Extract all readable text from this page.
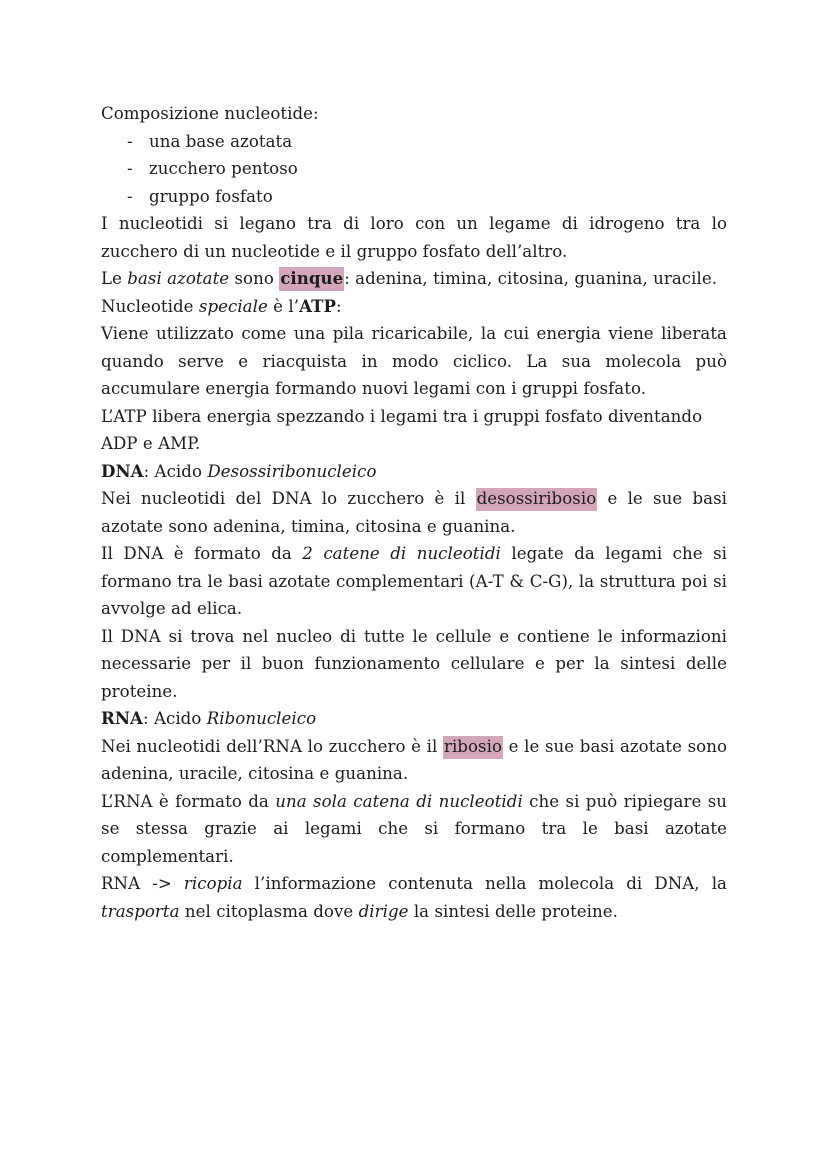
Composizione nucleotide:

- una base azotata
- zucchero pentoso
- gruppo fosfato

I nucleotidi si legano tra di loro con un legame di idrogeno tra lo zucchero di un nucleotide e il gruppo fosfato dell’altro.

Le basi azotate sono cinque: adenina, timina, citosina, guanina, uracile.

Nucleotide speciale è l’ATP:

Viene utilizzato come una pila ricaricabile, la cui energia viene liberata quando serve e riacquista in modo ciclico. La sua molecola può accumulare energia formando nuovi legami con i gruppi fosfato.

L’ATP libera energia spezzando i legami tra i gruppi fosfato diventando

ADP e AMP.

DNA: Acido Desossiribonucleico

Nei nucleotidi del DNA lo zucchero è il desossiribosio e le sue basi azotate sono adenina, timina, citosina e guanina.

Il DNA è formato da 2 catene di nucleotidi legate da legami che si formano tra le basi azotate complementari (A-T & C-G), la struttura poi si avvolge ad elica.

Il DNA si trova nel nucleo di tutte le cellule e contiene le informazioni necessarie per il buon funzionamento cellulare e per la sintesi delle proteine.

RNA: Acido Ribonucleico

Nei nucleotidi dell’RNA lo zucchero è il ribosio e le sue basi azotate sono adenina, uracile, citosina e guanina.

L’RNA è formato da una sola catena di nucleotidi che si può ripiegare su se stessa grazie ai legami che si formano tra le basi azotate complementari.

RNA -> ricopia l’informazione contenuta nella molecola di DNA, la trasporta nel citoplasma dove dirige la sintesi delle proteine.
